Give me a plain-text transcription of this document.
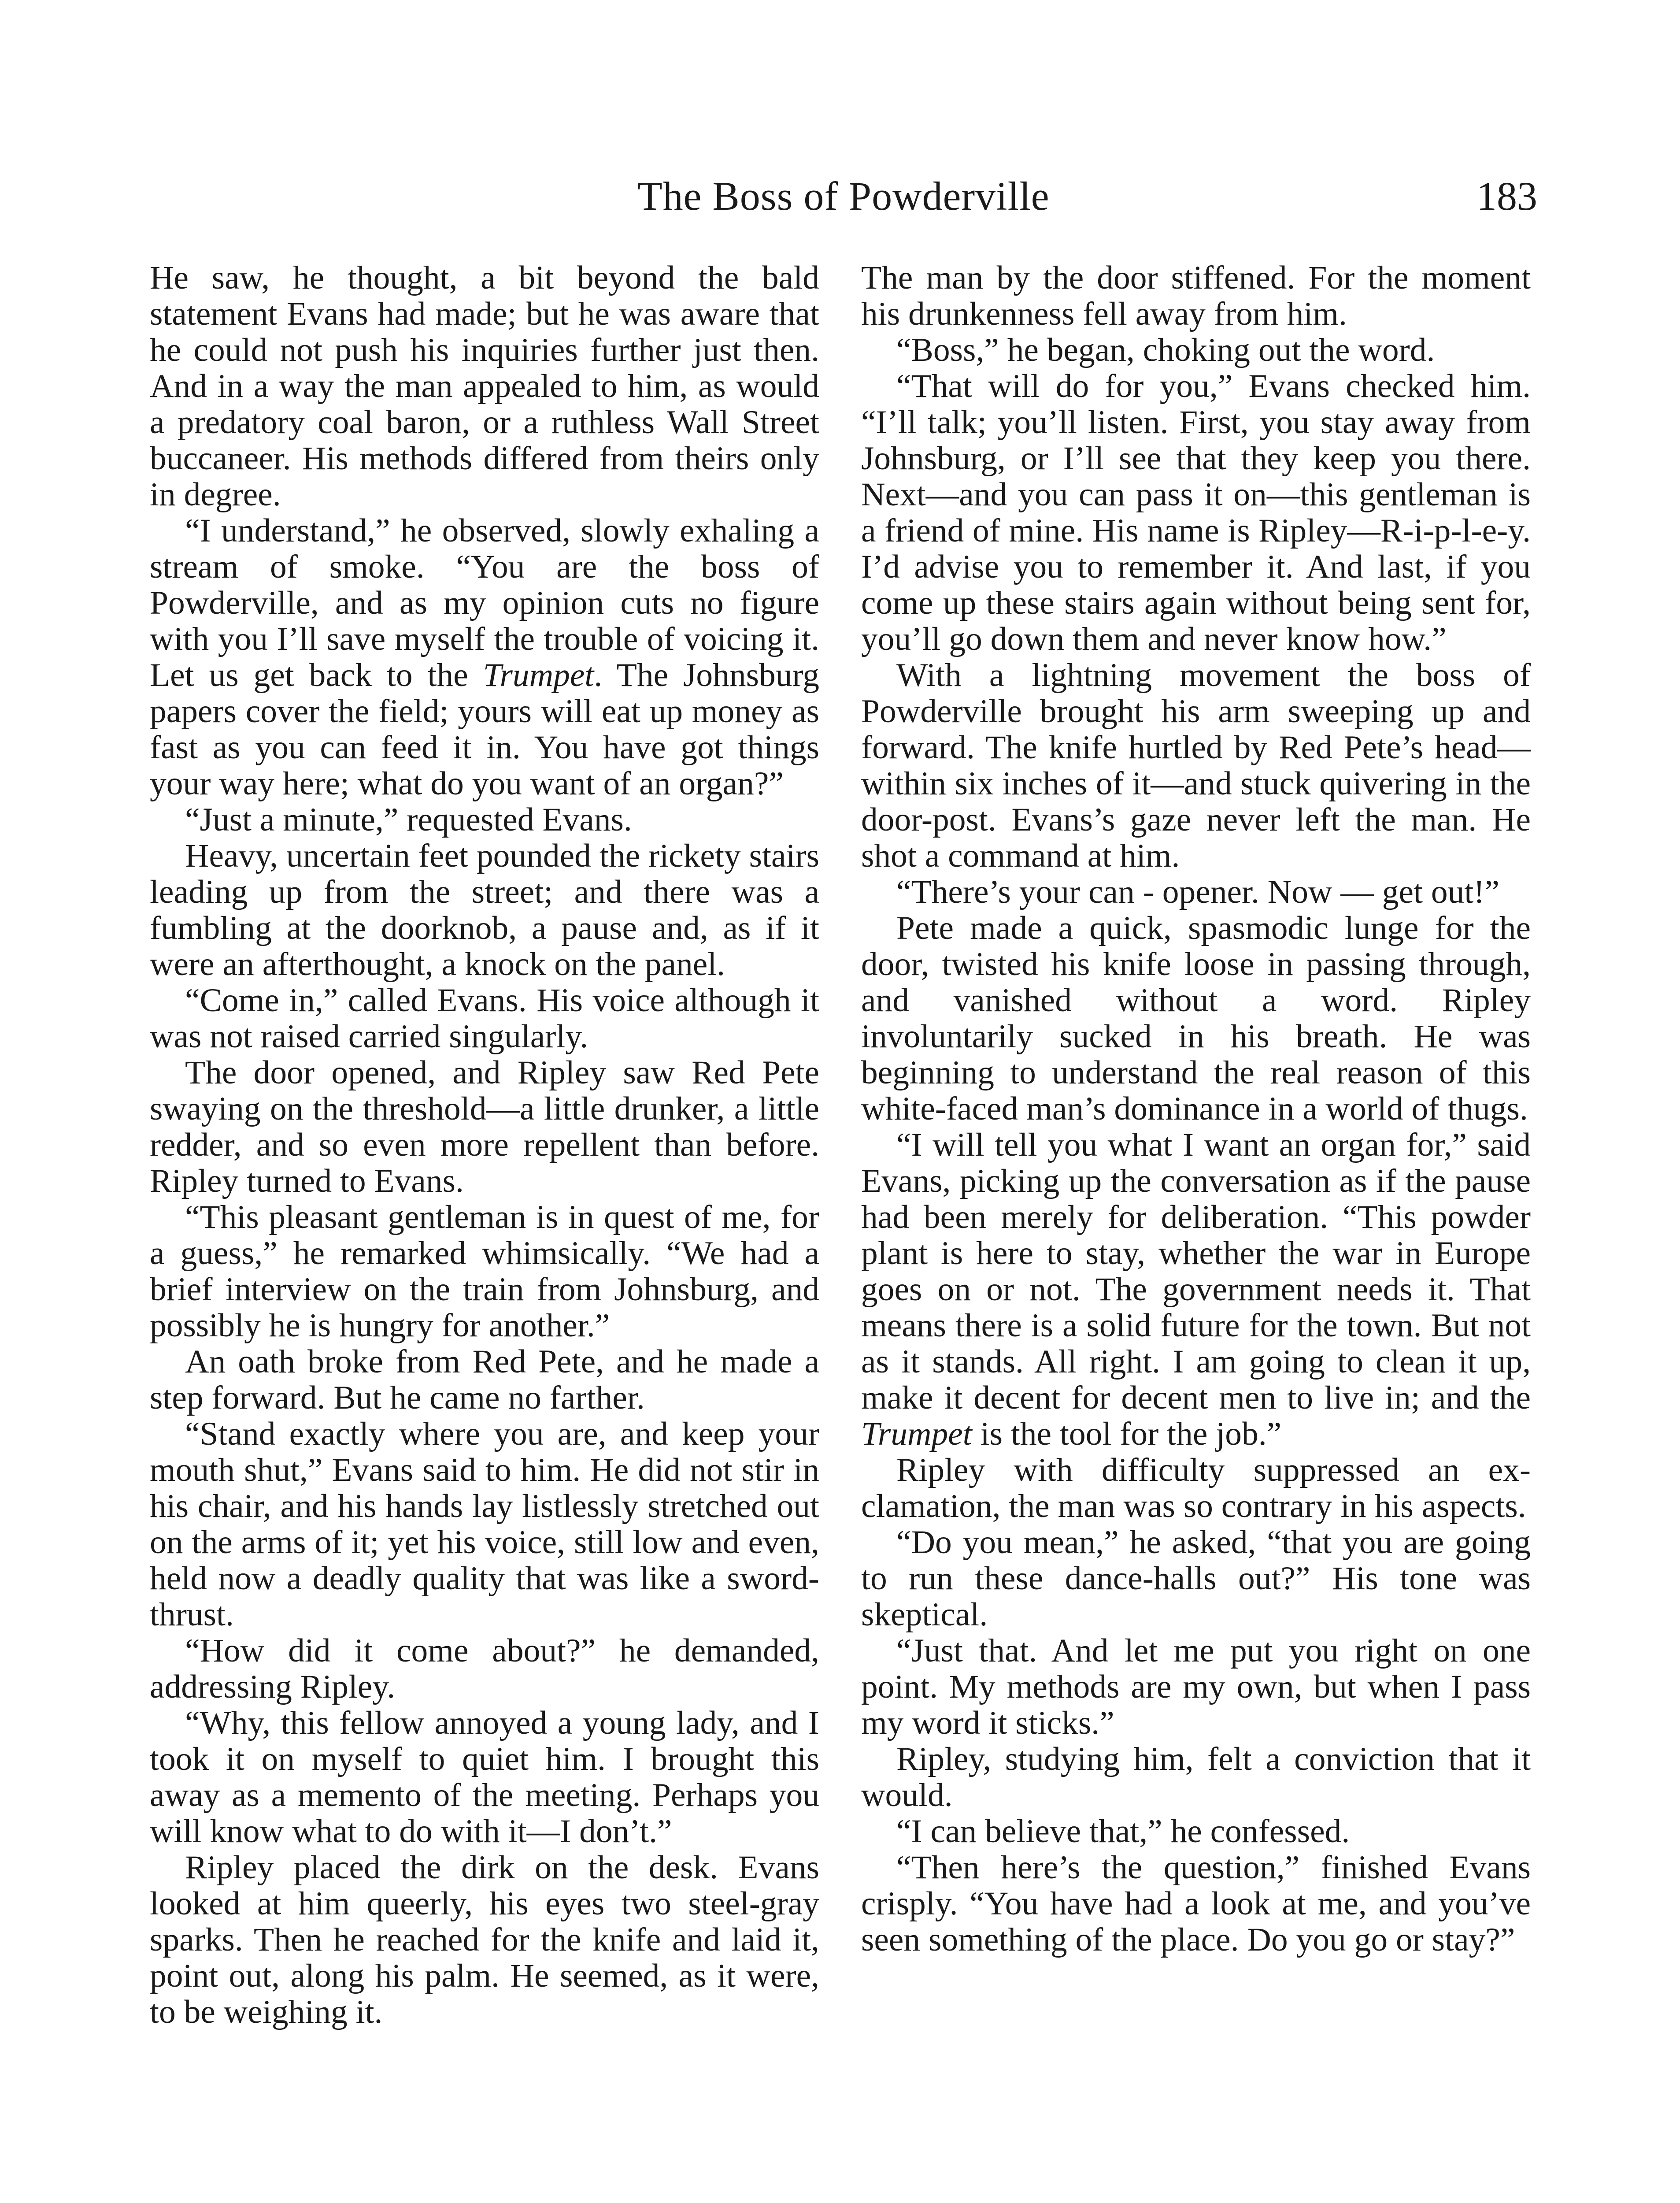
The Boss of Powderville	183

He saw, he thought, a bit beyond the bald statement Evans had made; but he was aware that he could not push his inquiries further just then. And in a way the man appealed to him, as would a predatory coal baron, or a ruthless Wall Street buccaneer. His methods differed from theirs only in degree.

“I understand,” he observed, slowly exhaling a stream of smoke. “You are the boss of Powderville, and as my opinion cuts no figure with you I’ll save myself the trouble of voicing it. Let us get back to the Trumpet. The Johnsburg papers cover the field; yours will eat up money as fast as you can feed it in. You have got things your way here; what do you want of an organ?”

“Just a minute,” requested Evans.

Heavy, uncertain feet pounded the rickety stairs leading up from the street; and there was a fumbling at the doorknob, a pause and, as if it were an afterthought, a knock on the panel.

“Come in,” called Evans. His voice although it was not raised carried singularly.

The door opened, and Ripley saw Red Pete swaying on the threshold—a little drunker, a little redder, and so even more repellent than before. Ripley turned to Evans.

“This pleasant gentleman is in quest of me, for a guess,” he remarked whimsically. “We had a brief interview on the train from Johnsburg, and possibly he is hungry for another.”

An oath broke from Red Pete, and he made a step forward. But he came no farther.

“Stand exactly where you are, and keep your mouth shut,” Evans said to him. He did not stir in his chair, and his hands lay listlessly stretched out on the arms of it; yet his voice, still low and even, held now a deadly quality that was like a sword-thrust.

“How did it come about?” he demanded, addressing Ripley.

“Why, this fellow annoyed a young lady, and I took it on myself to quiet him. I brought this away as a memento of the meeting. Perhaps you will know what to do with it—I don’t.”

Ripley placed the dirk on the desk. Evans looked at him queerly, his eyes two steel-gray sparks. Then he reached for the knife and laid it, point out, along his palm. He seemed, as it were, to be weighing it.

The man by the door stiffened. For the moment his drunkenness fell away from him.

“Boss,” he began, choking out the word.

“That will do for you,” Evans checked him. “I’ll talk; you’ll listen. First, you stay away from Johnsburg, or I’ll see that they keep you there. Next—and you can pass it on—this gentleman is a friend of mine. His name is Ripley—R-i-p-l-e-y. I’d advise you to remember it. And last, if you come up these stairs again without being sent for, you’ll go down them and never know how.”

With a lightning movement the boss of Powderville brought his arm sweeping up and forward. The knife hurtled by Red Pete’s head—within six inches of it—and stuck quivering in the door-post. Evans’s gaze never left the man. He shot a command at him.

“There’s your can - opener. Now — get out!”

Pete made a quick, spasmodic lunge for the door, twisted his knife loose in passing through, and vanished without a word. Ripley involuntarily sucked in his breath. He was beginning to understand the real reason of this white-faced man’s dominance in a world of thugs.

“I will tell you what I want an organ for,” said Evans, picking up the conversation as if the pause had been merely for deliberation. “This powder plant is here to stay, whether the war in Europe goes on or not. The government needs it. That means there is a solid future for the town. But not as it stands. All right. I am going to clean it up, make it decent for decent men to live in; and the Trumpet is the tool for the job.”

Ripley with difficulty suppressed an exclamation, the man was so contrary in his aspects.

“Do you mean,” he asked, “that you are going to run these dance-halls out?” His tone was skeptical.

“Just that. And let me put you right on one point. My methods are my own, but when I pass my word it sticks.”

Ripley, studying him, felt a conviction that it would.

“I can believe that,” he confessed.

“Then here’s the question,” finished Evans crisply. “You have had a look at me, and you’ve seen something of the place. Do you go or stay?”
